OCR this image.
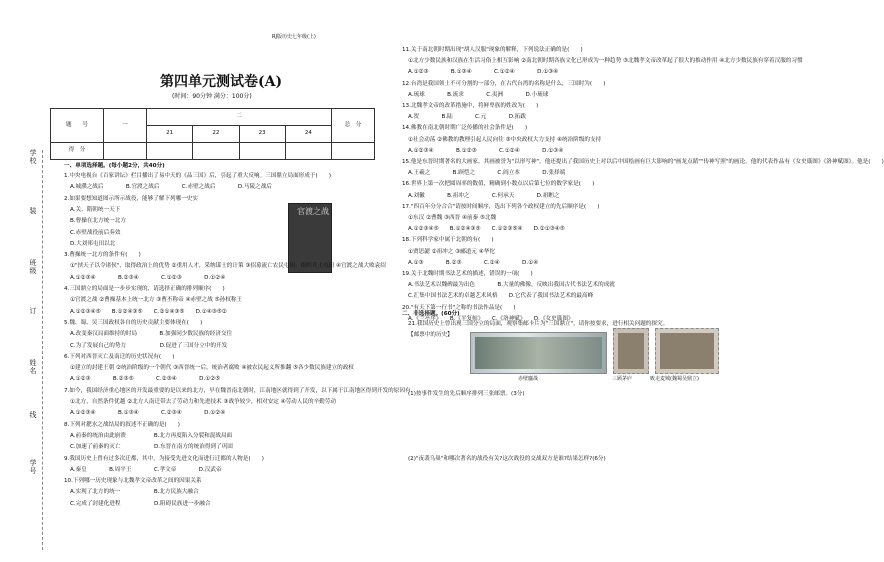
学校
装
班级
订
姓名
线
学号
RJ版历史七年级(上)
第四单元测试卷(A)
(时间：90分钟 满分：100分)
题　　号	一	二				总　分
		21	22	23	24	
得　分						
官渡之战
一、单项选择题。(每小题2分，共40分)
1.中央电视台《百家讲坛》栏目播出了易中天的《品三国》后，引起了重大反响。三国鼎立局面形成于(　　)
A.城濮之战后　　　　B.官渡之战后　　　　C.赤壁之战后　　　　D.马陵之战后
2.如果要想知道图示所示战役，能够了解下列哪一史实
A.关、隋朝统一天下
B.曹操在北方统一北方
C.赤壁战役前后奏效
D.大刘邦屯田以北
3.曹操统一北方的条件有(　　)
①"挟天子以令诸侯"，取得政治上的优势 ②重用人才，采纳谋士的计策 ③招募流亡农民屯田，组织兵士屯田 ④官渡之战大败袁绍
A.①②③④　　　　B.②③④　　　　C.①②③　　　　D.①②④
4.三国鼎立的局面是一步步实现的，请选择正确的排列顺序(　　)
①官渡之战 ②曹操基本上统一北方 ③曹丕称帝 ④赤壁之战 ⑤孙权称王
A.①②③④⑤　　B.①②④③⑤　　C.②①④③⑤　　D.①④③⑤②
5.魏、蜀、吴三国政权各自的历史贡献主要体现在(　　)
A.改变秦汉局面维持的时局　　　　B.加强同少数民族的经济交往
C.为了发展自己的势力　　　　　　D.促进了三国分立中的开发
6.下列对西晋灭亡及南迁的历史状况有(　　)
①建立的封建王朝 ②统治阶级的一个朝代 ③西晋统一后，统治者腐败 ④被农民起义所推翻 ⑤各少数民族建立的政权
A.①②③　　　　B.②③⑤　　　　C.②③④　　　　D.①②⑤
7.如今，我国经济重心地区的开发最重要的是以来的北方，早在魏晋南北朝时，江南地区就得到了开发，以下属于江南地区得到开发的原因有
①北方，自然条件优越 ②北方人南迁带去了劳动力和先进技术 ③战争较少，相对安定 ④劳动人民的辛勤劳动
A.①②③④　　　　B.①③④　　　　C.②③④　　　　D.①②④
8.下列对淝水之战结局的叙述不正确的是(　　)
A.前秦的统治由此崩溃　　　　　B.北方再度陷入分裂和混战局面
C.加速了前秦的灭亡　　　　　　D.东晋在南方的统治得到了巩固
9.我国历史上曾有过多次迁都，其中，为接受先进文化而进行迁都的人物是(　　)
A.秦皇　　　　B.周平王　　　　C.孝文帝　　　　D.汉武帝
10.下列哪一历史现象与北魏孝文帝改革之间的因果关系
A.实现了北方的统一　　　　　　B.北方民族大融合
C.完成了封建化进程　　　　　　D.阻碍民族进一步融合
11.关于南北朝时期出现"胡人汉服"现象的解释，下列说法正确的是(　　)
①北方少数民族和汉族在生活习俗上相互影响 ②南北朝时期各族文化已形成为一种趋势 ③北魏孝文帝改革起了很大的推动作用 ④北方少数民族有穿着汉服的习惯
A.①②③　　　　B.①③④　　　　C.①②④　　　　D.①③④
12.台湾是我国领土不可分割的一部分，在古代台湾的名称是什么，三国时为(　　)
A.琉球　　　　B.流求　　　　C.夷洲　　　　D.小琉球
13.北魏孝文帝的改革措施中，将鲜卑族的姓改为(　　)
A.贺　　　　B.陆　　　　C.元　　　　D.拓跋
14.佛教在南北朝时期广泛传播的社会条件是(　　)
①社会动荡 ②佛教的教理引起人民向往 ③中央政权大力支持 ④统治阶级的支持
A.①②③④　　　　B.①②③　　　　C.①②④　　　　D.①③④
15.他是东晋时期著名的大画家，其画被誉为"以形写神"，他还提出了我国历史上对以后中国绘画有巨大影响的"画龙点睛""传神写照"的画论，他的代表作品有《女史箴图》《洛神赋图》。他是(　　)
A.王羲之　　　　B.顾恺之　　　　C.阎立本　　　　D.张择端
16.世界上第一次把圆周率的数值，精确到小数点以后第七位的数学家是(　　)
A.刘徽　　　　B.祖冲之　　　　C.何承天　　　　D.祖暅之
17."四百年分分合合"请按时间顺序，选出下列各个政权建立的先后顺序是(　　)
①东汉 ②曹魏 ③西晋 ④前秦 ⑤北魏
A.①②③④⑤　　B.①②④③⑤　　C.①②③⑤④　　D.②①③④⑤
18.下列科学家中属于北朝的有(　　)
①贾思勰 ②祖冲之 ③郦道元 ④华佗
A.①③　　　　B.②③　　　　C.②④　　　　D.①④
19.关于北魏时期书法艺术的描述，错误的一项(　　)
A.书法艺术以魏碑最为出色　　　　B.大量的佛像，反映出我国古代书法艺术的成就
C.汇集中国书法艺术的卓越艺术风格　　D.它代表了我国书法艺术的最高峰
20."有天下第一行书"之称的书法作品是(　　)
A.《兰亭序》　　B.《平复帖》　　C.《洛神赋》　　D.《女史箴图》
赤壁鏖战	三顾茅庐	败走麦城(魏蜀吴鼎立)
二、非选择题。(60分)
21.我国历史上曾出现三国分立的局面，观察集邮卡片为"三国鼎立"，请你按要求，进行相关问题的探究。
【邮票中的历史】
(1)按事件发生的先后顺序排列三张邮票。(3分)
(2)"夜袭乌巢"和哪次著名的战役有关?这次战役的交战双方是谁?结果怎样?(6分)
